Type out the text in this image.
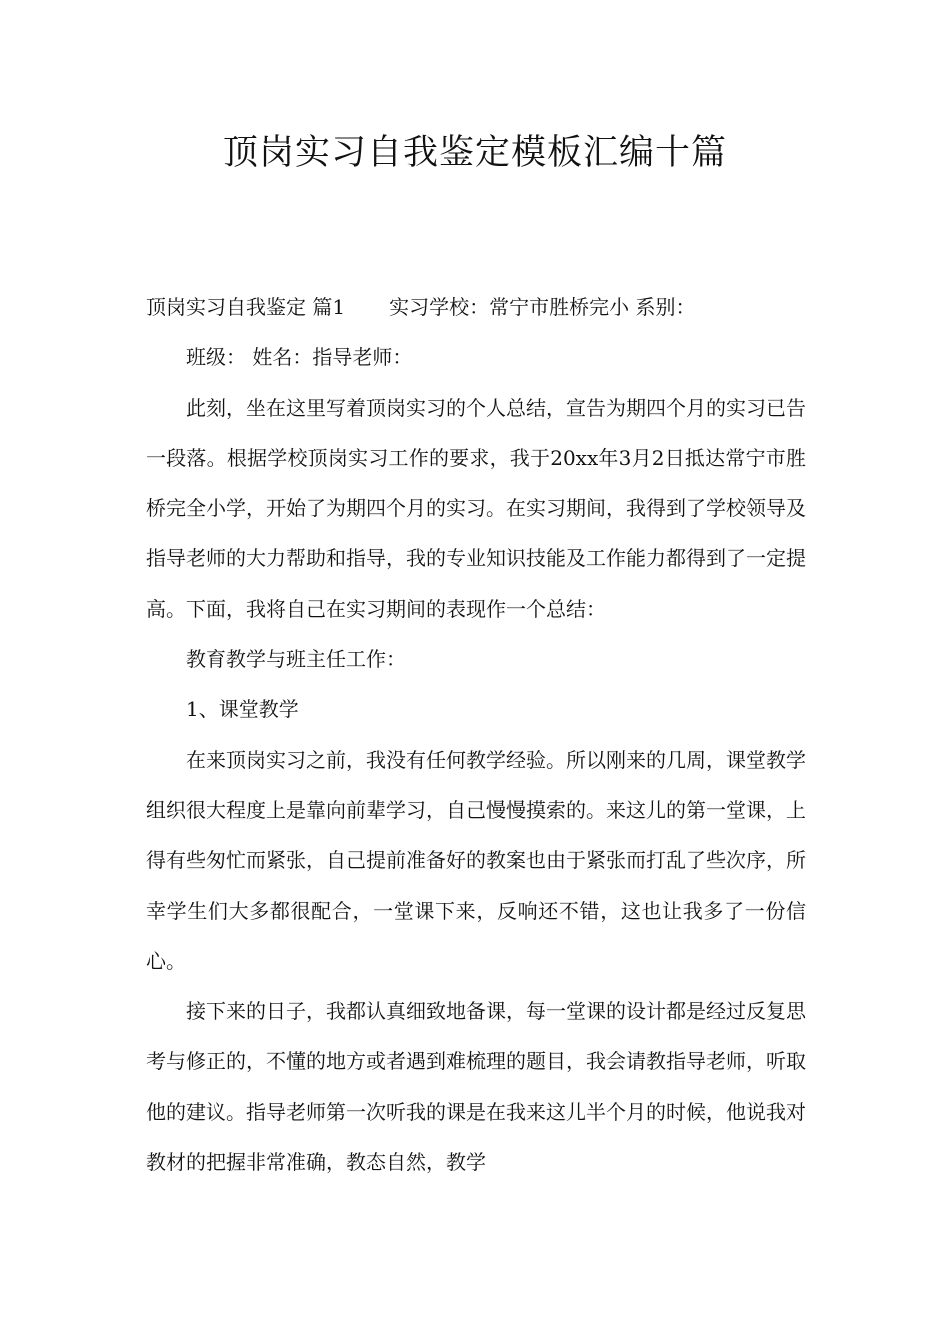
顶岗实习自我鉴定模板汇编十篇

顶岗实习自我鉴定 篇1 实习学校：常宁市胜桥完小 系别：

班级： 姓名：指导老师：

此刻，坐在这里写着顶岗实习的个人总结，宣告为期四个月的实习已告一段落。根据学校顶岗实习工作的要求，我于20xx年3月2日抵达常宁市胜桥完全小学，开始了为期四个月的实习。在实习期间，我得到了学校领导及指导老师的大力帮助和指导，我的专业知识技能及工作能力都得到了一定提高。下面，我将自己在实习期间的表现作一个总结：

教育教学与班主任工作：

1、课堂教学

在来顶岗实习之前，我没有任何教学经验。所以刚来的几周，课堂教学组织很大程度上是靠向前辈学习，自己慢慢摸索的。来这儿的第一堂课，上得有些匆忙而紧张，自己提前准备好的教案也由于紧张而打乱了些次序，所幸学生们大多都很配合，一堂课下来，反响还不错，这也让我多了一份信心。

接下来的日子，我都认真细致地备课，每一堂课的设计都是经过反复思考与修正的，不懂的地方或者遇到难梳理的题目，我会请教指导老师，听取他的建议。指导老师第一次听我的课是在我来这儿半个月的时候，他说我对教材的把握非常准确，教态自然，教学
